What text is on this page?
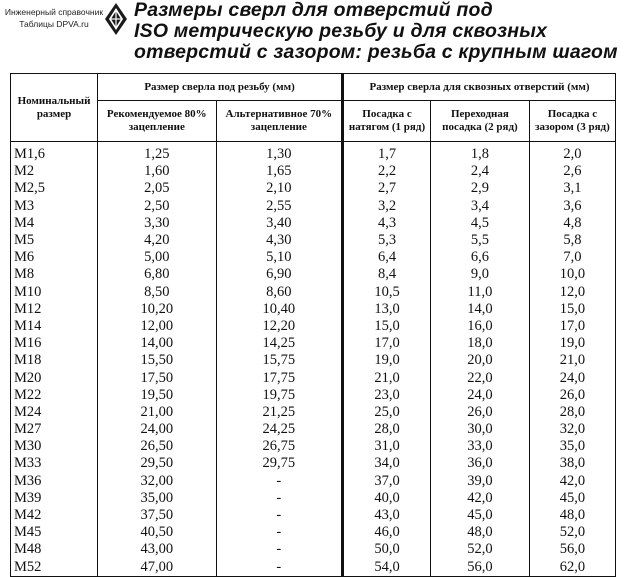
Инженерный справочник
Таблицы DPVA.ru
Размеры сверл для отверстий под
ISO метрическую резьбу и для сквозных
отверстий с зазором: резьба с крупным шагом
Номинальный размер	Размер сверла под резьбу (мм)		Размер сверла для сквозных отверстий (мм)		
	Рекомендуемое 80% зацепление	Альтернативное 70% зацепление	Посадка с натягом (1 ряд)	Переходная посадка (2 ряд)	Посадка с зазором (3 ряд)
M1,6	1,25	1,30	1,7	1,8	2,0
M2	1,60	1,65	2,2	2,4	2,6
M2,5	2,05	2,10	2,7	2,9	3,1
M3	2,50	2,55	3,2	3,4	3,6
M4	3,30	3,40	4,3	4,5	4,8
M5	4,20	4,30	5,3	5,5	5,8
M6	5,00	5,10	6,4	6,6	7,0
M8	6,80	6,90	8,4	9,0	10,0
M10	8,50	8,60	10,5	11,0	12,0
M12	10,20	10,40	13,0	14,0	15,0
M14	12,00	12,20	15,0	16,0	17,0
M16	14,00	14,25	17,0	18,0	19,0
M18	15,50	15,75	19,0	20,0	21,0
M20	17,50	17,75	21,0	22,0	24,0
M22	19,50	19,75	23,0	24,0	26,0
M24	21,00	21,25	25,0	26,0	28,0
M27	24,00	24,25	28,0	30,0	32,0
M30	26,50	26,75	31,0	33,0	35,0
M33	29,50	29,75	34,0	36,0	38,0
M36	32,00	-	37,0	39,0	42,0
M39	35,00	-	40,0	42,0	45,0
M42	37,50	-	43,0	45,0	48,0
M45	40,50	-	46,0	48,0	52,0
M48	43,00	-	50,0	52,0	56,0
M52	47,00	-	54,0	56,0	62,0
